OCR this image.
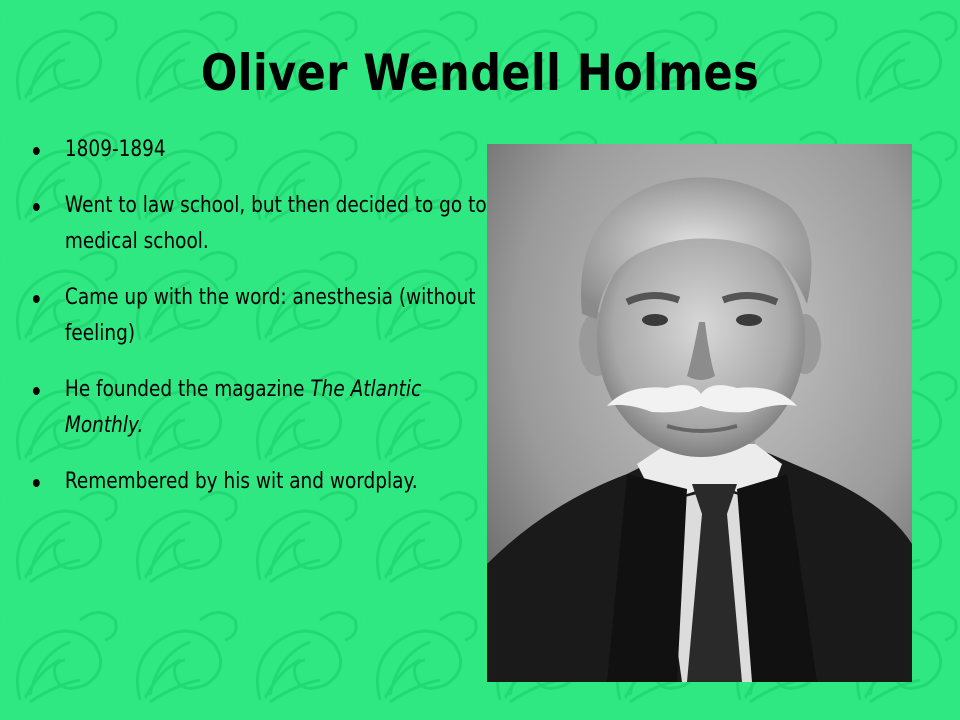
Oliver Wendell Holmes
1809-1894
Went to law school, but then decided to go to medical school.
Came up with the word: anesthesia (without feeling)
He founded the magazine The Atlantic Monthly.
Remembered by his wit and wordplay.
